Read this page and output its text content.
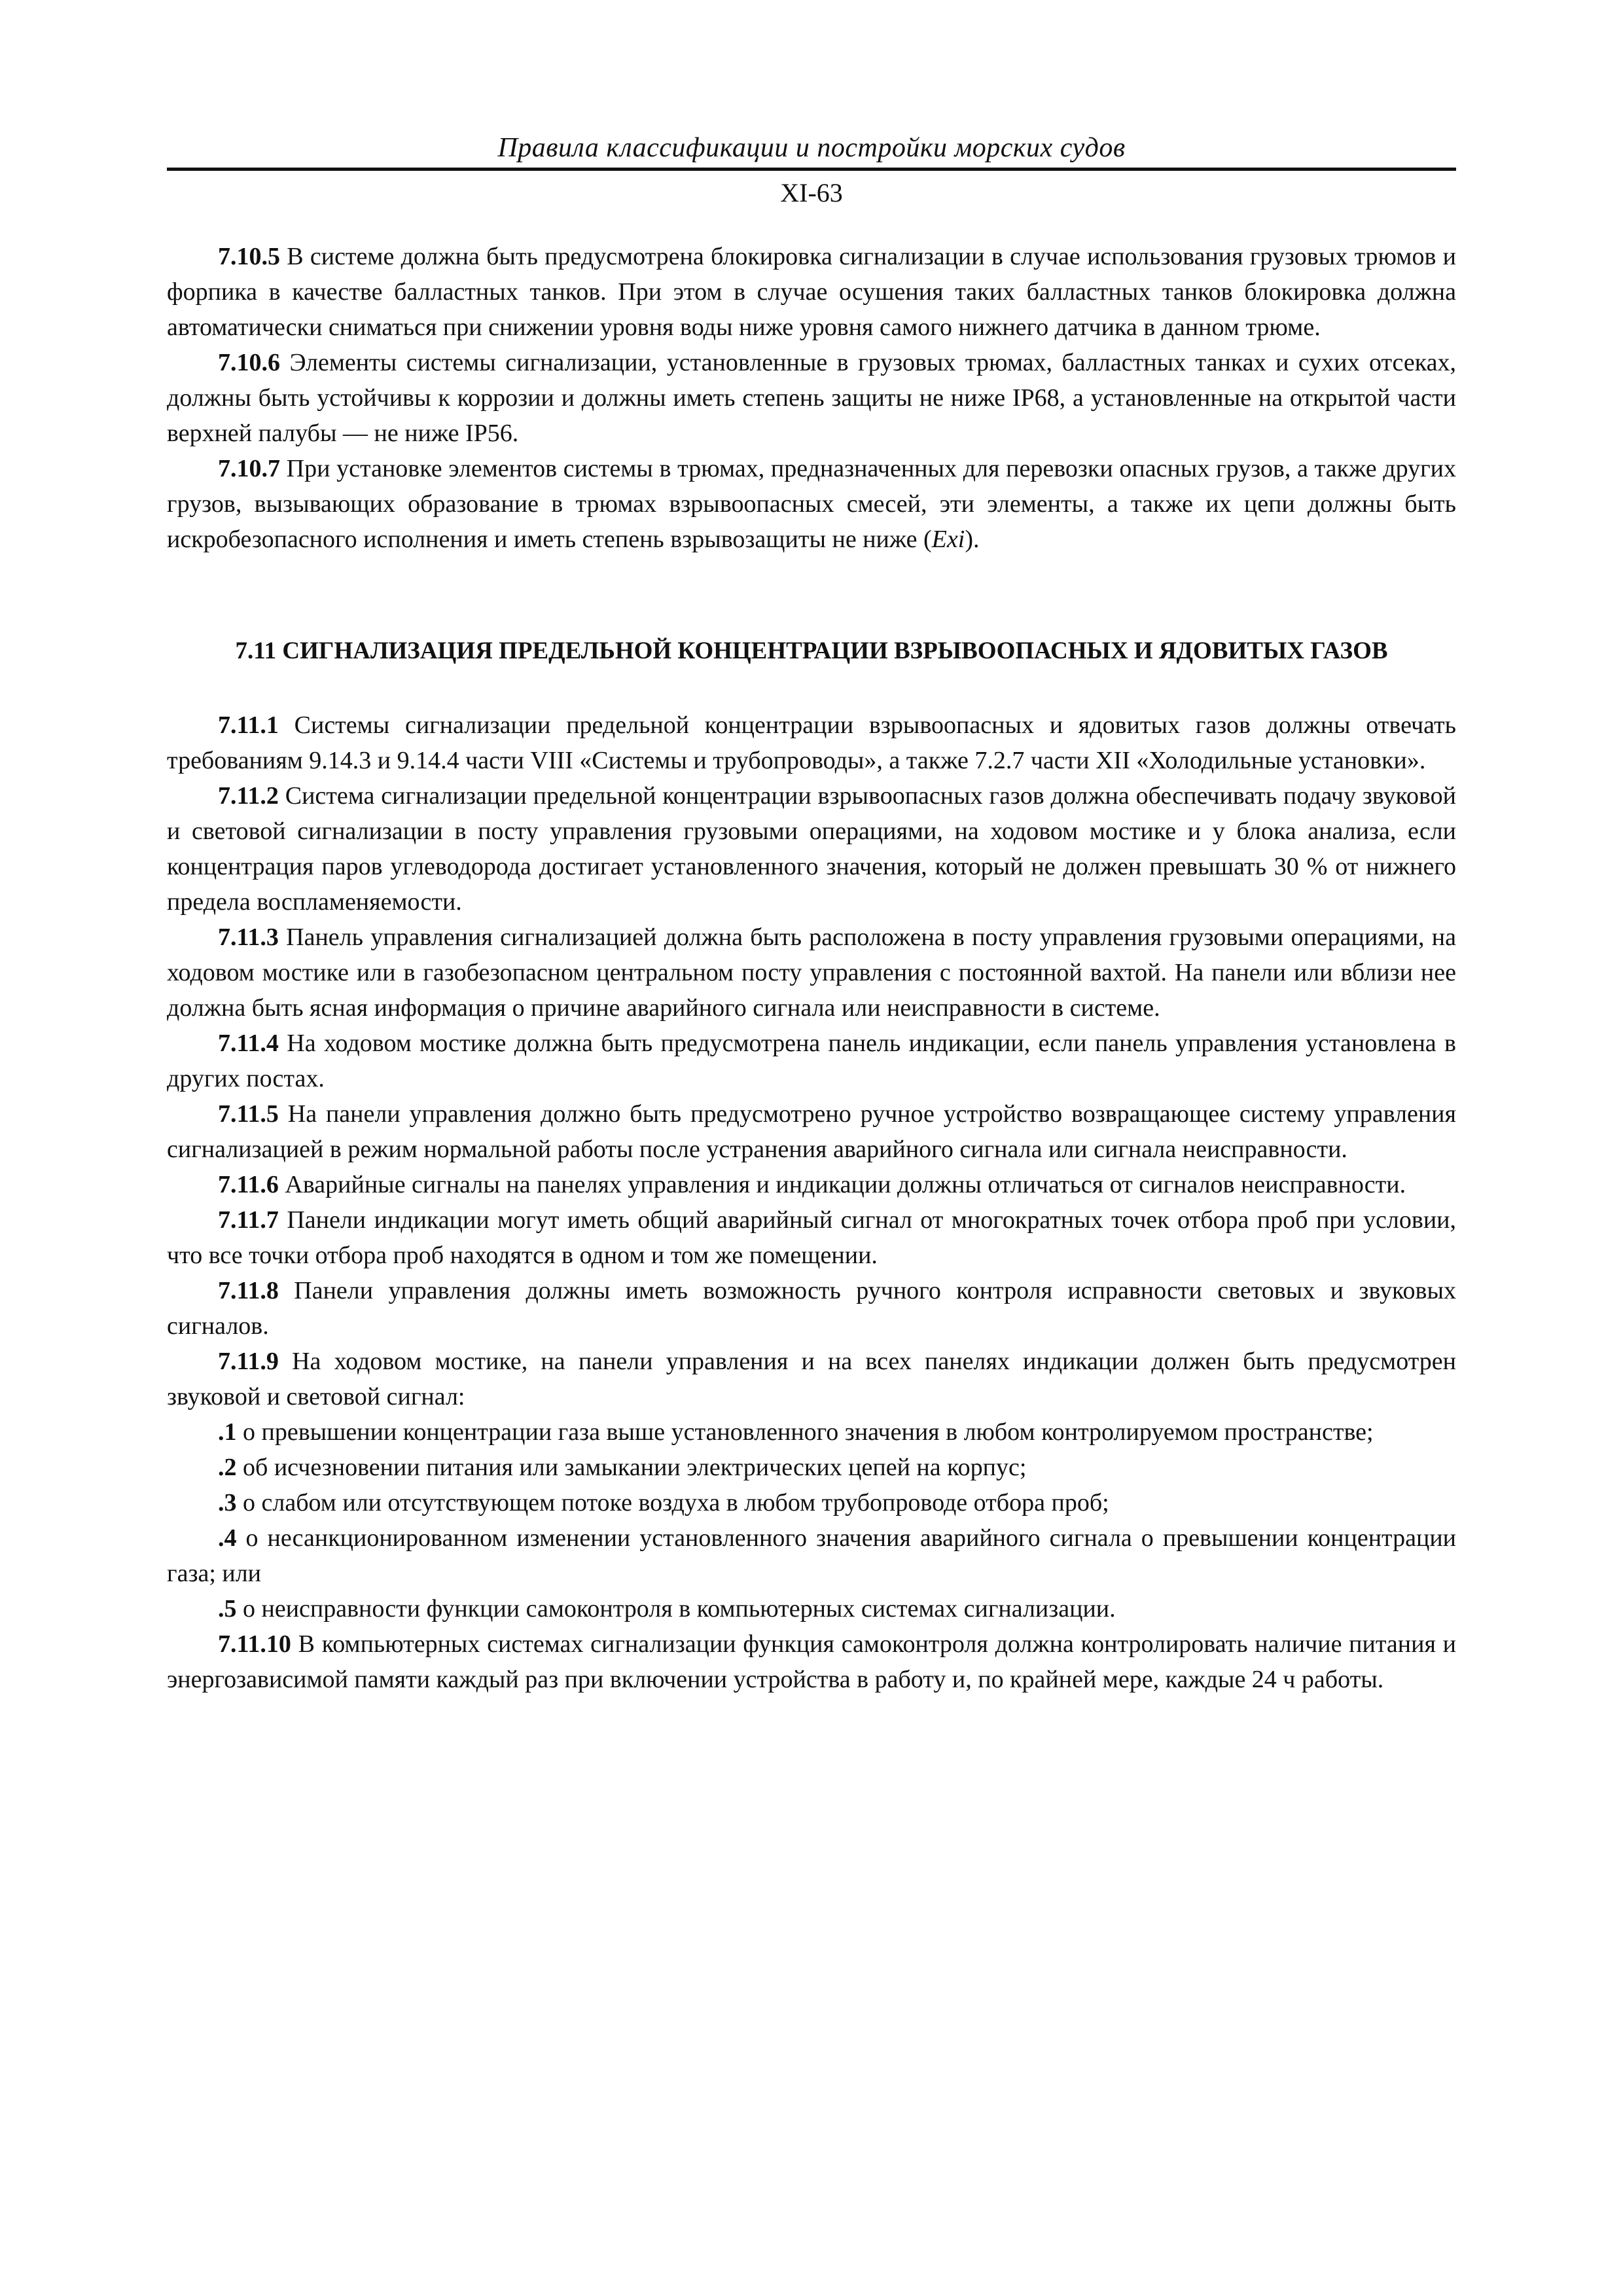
Правила классификации и постройки морских судов
XI-63

7.10.5 В системе должна быть предусмотрена блокировка сигнализации в случае использования грузовых трюмов и форпика в качестве балластных танков. При этом в случае осушения таких балластных танков блокировка должна автоматически сниматься при снижении уровня воды ниже уровня самого нижнего датчика в данном трюме.

7.10.6 Элементы системы сигнализации, установленные в грузовых трюмах, балластных танках и сухих отсеках, должны быть устойчивы к коррозии и должны иметь степень защиты не ниже IP68, а установленные на открытой части верхней палубы — не ниже IP56.

7.10.7 При установке элементов системы в трюмах, предназначенных для перевозки опасных грузов, а также других грузов, вызывающих образование в трюмах взрывоопасных смесей, эти элементы, а также их цепи должны быть искробезопасного исполнения и иметь степень взрывозащиты не ниже (Exi).

7.11 СИГНАЛИЗАЦИЯ ПРЕДЕЛЬНОЙ КОНЦЕНТРАЦИИ ВЗРЫВООПАСНЫХ И ЯДОВИТЫХ ГАЗОВ

7.11.1 Системы сигнализации предельной концентрации взрывоопасных и ядовитых газов должны отвечать требованиям 9.14.3 и 9.14.4 части VIII «Системы и трубопроводы», а также 7.2.7 части XII «Холодильные установки».

7.11.2 Система сигнализации предельной концентрации взрывоопасных газов должна обеспечивать подачу звуковой и световой сигнализации в посту управления грузовыми операциями, на ходовом мостике и у блока анализа, если концентрация паров углеводорода достигает установленного значения, который не должен превышать 30 % от нижнего предела воспламеняемости.

7.11.3 Панель управления сигнализацией должна быть расположена в посту управления грузовыми операциями, на ходовом мостике или в газобезопасном центральном посту управления с постоянной вахтой. На панели или вблизи нее должна быть ясная информация о причине аварийного сигнала или неисправности в системе.

7.11.4 На ходовом мостике должна быть предусмотрена панель индикации, если панель управления установлена в других постах.

7.11.5 На панели управления должно быть предусмотрено ручное устройство возвращающее систему управления сигнализацией в режим нормальной работы после устранения аварийного сигнала или сигнала неисправности.

7.11.6 Аварийные сигналы на панелях управления и индикации должны отличаться от сигналов неисправности.

7.11.7 Панели индикации могут иметь общий аварийный сигнал от многократных точек отбора проб при условии, что все точки отбора проб находятся в одном и том же помещении.

7.11.8 Панели управления должны иметь возможность ручного контроля исправности световых и звуковых сигналов.

7.11.9 На ходовом мостике, на панели управления и на всех панелях индикации должен быть предусмотрен звуковой и световой сигнал:

.1 о превышении концентрации газа выше установленного значения в любом контролируемом пространстве;

.2 об исчезновении питания или замыкании электрических цепей на корпус;

.3 о слабом или отсутствующем потоке воздуха в любом трубопроводе отбора проб;

.4 о несанкционированном изменении установленного значения аварийного сигнала о превышении концентрации газа; или

.5 о неисправности функции самоконтроля в компьютерных системах сигнализации.

7.11.10 В компьютерных системах сигнализации функция самоконтроля должна контролировать наличие питания и энергозависимой памяти каждый раз при включении устройства в работу и, по крайней мере, каждые 24 ч работы.
